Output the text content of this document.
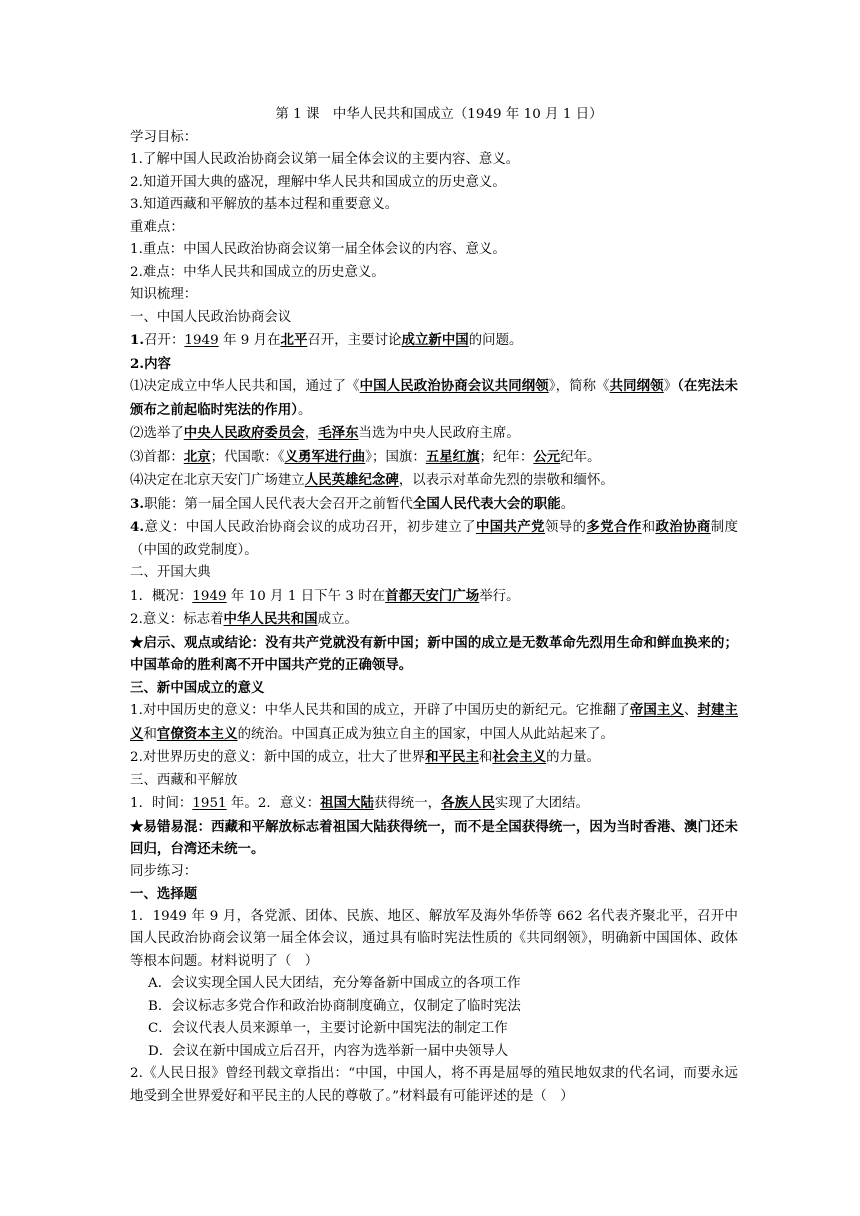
第 1 课　中华人民共和国成立（1949 年 10 月 1 日）
学习目标：
1.了解中国人民政治协商会议第一届全体会议的主要内容、意义。
2.知道开国大典的盛况，理解中华人民共和国成立的历史意义。
3.知道西藏和平解放的基本过程和重要意义。
重难点：
1.重点：中国人民政治协商会议第一届全体会议的内容、意义。
2.难点：中华人民共和国成立的历史意义。
知识梳理：
一、中国人民政治协商会议
1.召开：1949 年 9 月在北平召开，主要讨论成立新中国的问题。
2.内容
⑴决定成立中华人民共和国，通过了《中国人民政治协商会议共同纲领》，简称《共同纲领》（在宪法未颁布之前起临时宪法的作用）。
⑵选举了中央人民政府委员会，毛泽东当选为中央人民政府主席。
⑶首都：北京；代国歌：《义勇军进行曲》；国旗：五星红旗；纪年：公元纪年。
⑷决定在北京天安门广场建立人民英雄纪念碑，以表示对革命先烈的崇敬和缅怀。
3.职能：第一届全国人民代表大会召开之前暂代全国人民代表大会的职能。
4.意义：中国人民政治协商会议的成功召开，初步建立了中国共产党领导的多党合作和政治协商制度（中国的政党制度）。
二、开国大典
1．概况：1949 年 10 月 1 日下午 3 时在首都天安门广场举行。
2.意义：标志着中华人民共和国成立。
★启示、观点或结论：没有共产党就没有新中国；新中国的成立是无数革命先烈用生命和鲜血换来的；中国革命的胜利离不开中国共产党的正确领导。
三、新中国成立的意义
1.对中国历史的意义：中华人民共和国的成立，开辟了中国历史的新纪元。它推翻了帝国主义、封建主义和官僚资本主义的统治。中国真正成为独立自主的国家，中国人从此站起来了。
2.对世界历史的意义：新中国的成立，壮大了世界和平民主和社会主义的力量。
三、西藏和平解放
1．时间：1951 年。2．意义：祖国大陆获得统一，各族人民实现了大团结。
★易错易混：西藏和平解放标志着祖国大陆获得统一，而不是全国获得统一，因为当时香港、澳门还未回归，台湾还未统一。
同步练习：
一、选择题
1．1949 年 9 月，各党派、团体、民族、地区、解放军及海外华侨等 662 名代表齐聚北平，召开中国人民政治协商会议第一届全体会议，通过具有临时宪法性质的《共同纲领》，明确新中国国体、政体等根本问题。材料说明了（　）
A．会议实现全国人民大团结，充分筹备新中国成立的各项工作
B．会议标志多党合作和政治协商制度确立，仅制定了临时宪法
C．会议代表人员来源单一，主要讨论新中国宪法的制定工作
D．会议在新中国成立后召开，内容为选举新一届中央领导人
2.《人民日报》曾经刊载文章指出：“中国，中国人，将不再是屈辱的殖民地奴隶的代名词，而要永远地受到全世界爱好和平民主的人民的尊敬了。”材料最有可能评述的是（　）
